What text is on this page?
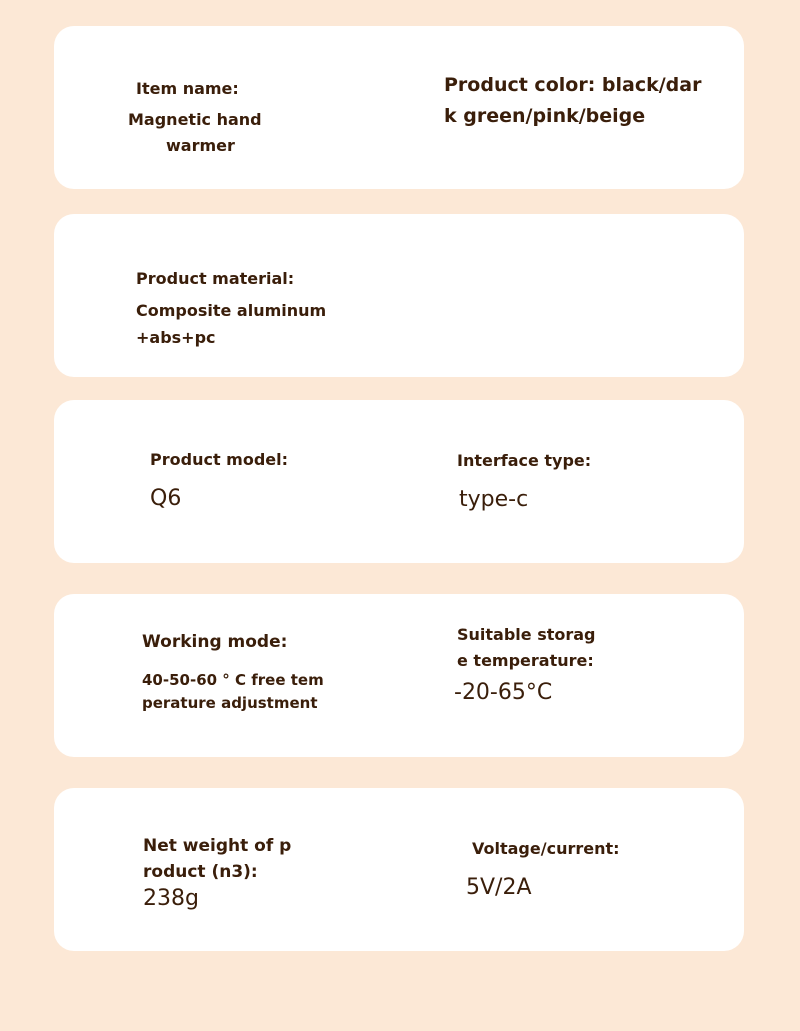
Item name:
Magnetic hand
warmer
Product color: black/dar
k green/pink/beige
Product material:
Composite aluminum
+abs+pc
Product model:
Q6
Interface type:
type-c
Working mode:
40-50-60 ° C free tem
perature adjustment
Suitable storag
e temperature:
-20-65°C
Net weight of p
roduct (n3):
238g
Voltage/current:
5V/2A
